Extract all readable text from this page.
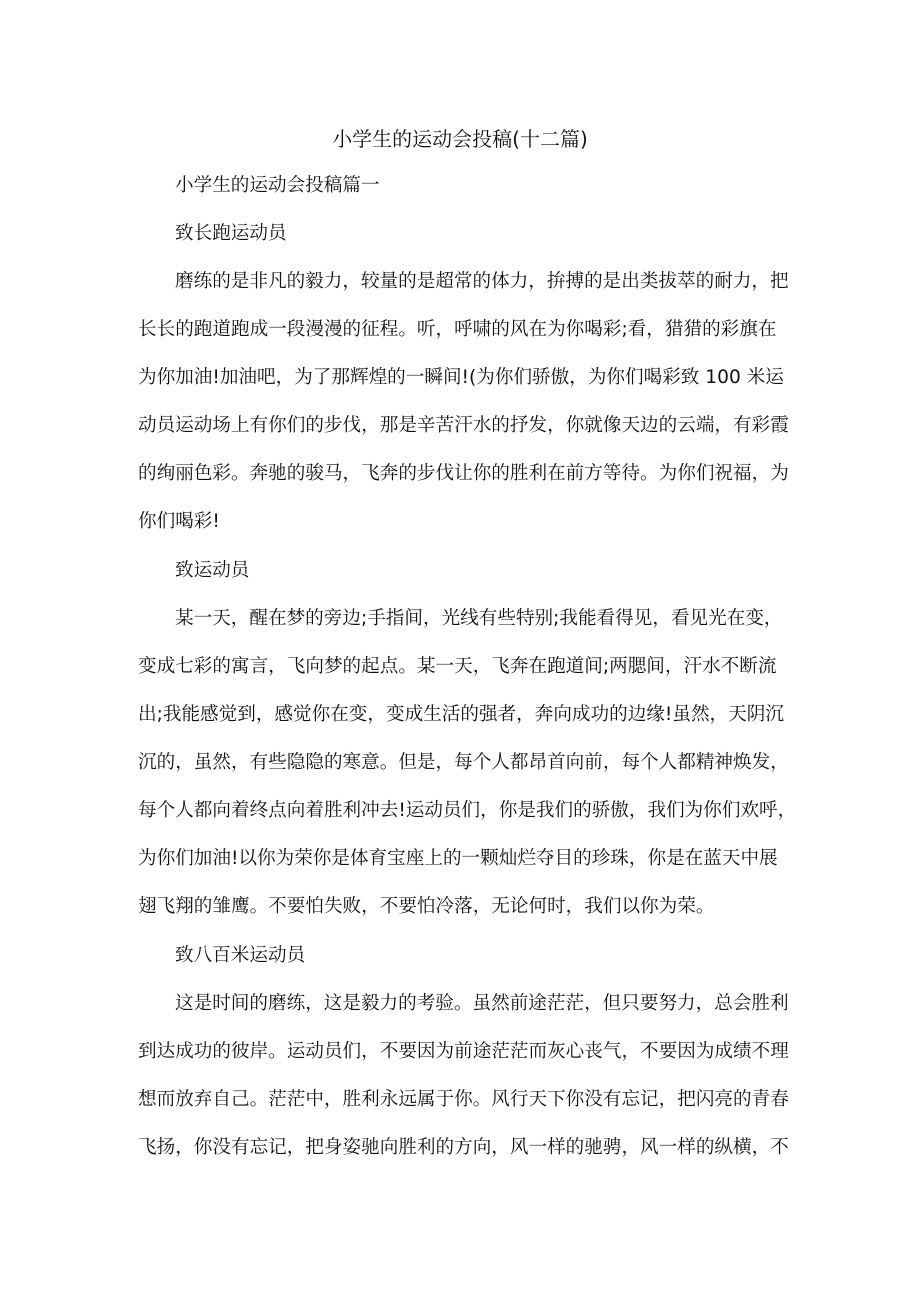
小学生的运动会投稿(十二篇)
小学生的运动会投稿篇一
致长跑运动员
磨练的是非凡的毅力，较量的是超常的体力，拚搏的是出类拔萃的耐力，把
长长的跑道跑成一段漫漫的征程。听，呼啸的风在为你喝彩;看，猎猎的彩旗在
为你加油!加油吧，为了那辉煌的一瞬间!(为你们骄傲，为你们喝彩致 100 米运
动员运动场上有你们的步伐，那是辛苦汗水的抒发，你就像天边的云端，有彩霞
的绚丽色彩。奔驰的骏马，飞奔的步伐让你的胜利在前方等待。为你们祝福，为
你们喝彩!
致运动员
某一天，醒在梦的旁边;手指间，光线有些特别;我能看得见，看见光在变，
变成七彩的寓言，飞向梦的起点。某一天，飞奔在跑道间;两腮间，汗水不断流
出;我能感觉到，感觉你在变，变成生活的强者，奔向成功的边缘!虽然，天阴沉
沉的，虽然，有些隐隐的寒意。但是，每个人都昂首向前，每个人都精神焕发，
每个人都向着终点向着胜利冲去!运动员们，你是我们的骄傲，我们为你们欢呼，
为你们加油!以你为荣你是体育宝座上的一颗灿烂夺目的珍珠，你是在蓝天中展
翅飞翔的雏鹰。不要怕失败，不要怕冷落，无论何时，我们以你为荣。
致八百米运动员
这是时间的磨练，这是毅力的考验。虽然前途茫茫，但只要努力，总会胜利
到达成功的彼岸。运动员们，不要因为前途茫茫而灰心丧气，不要因为成绩不理
想而放弃自己。茫茫中，胜利永远属于你。风行天下你没有忘记，把闪亮的青春
飞扬，你没有忘记，把身姿驰向胜利的方向，风一样的驰骋，风一样的纵横，不
